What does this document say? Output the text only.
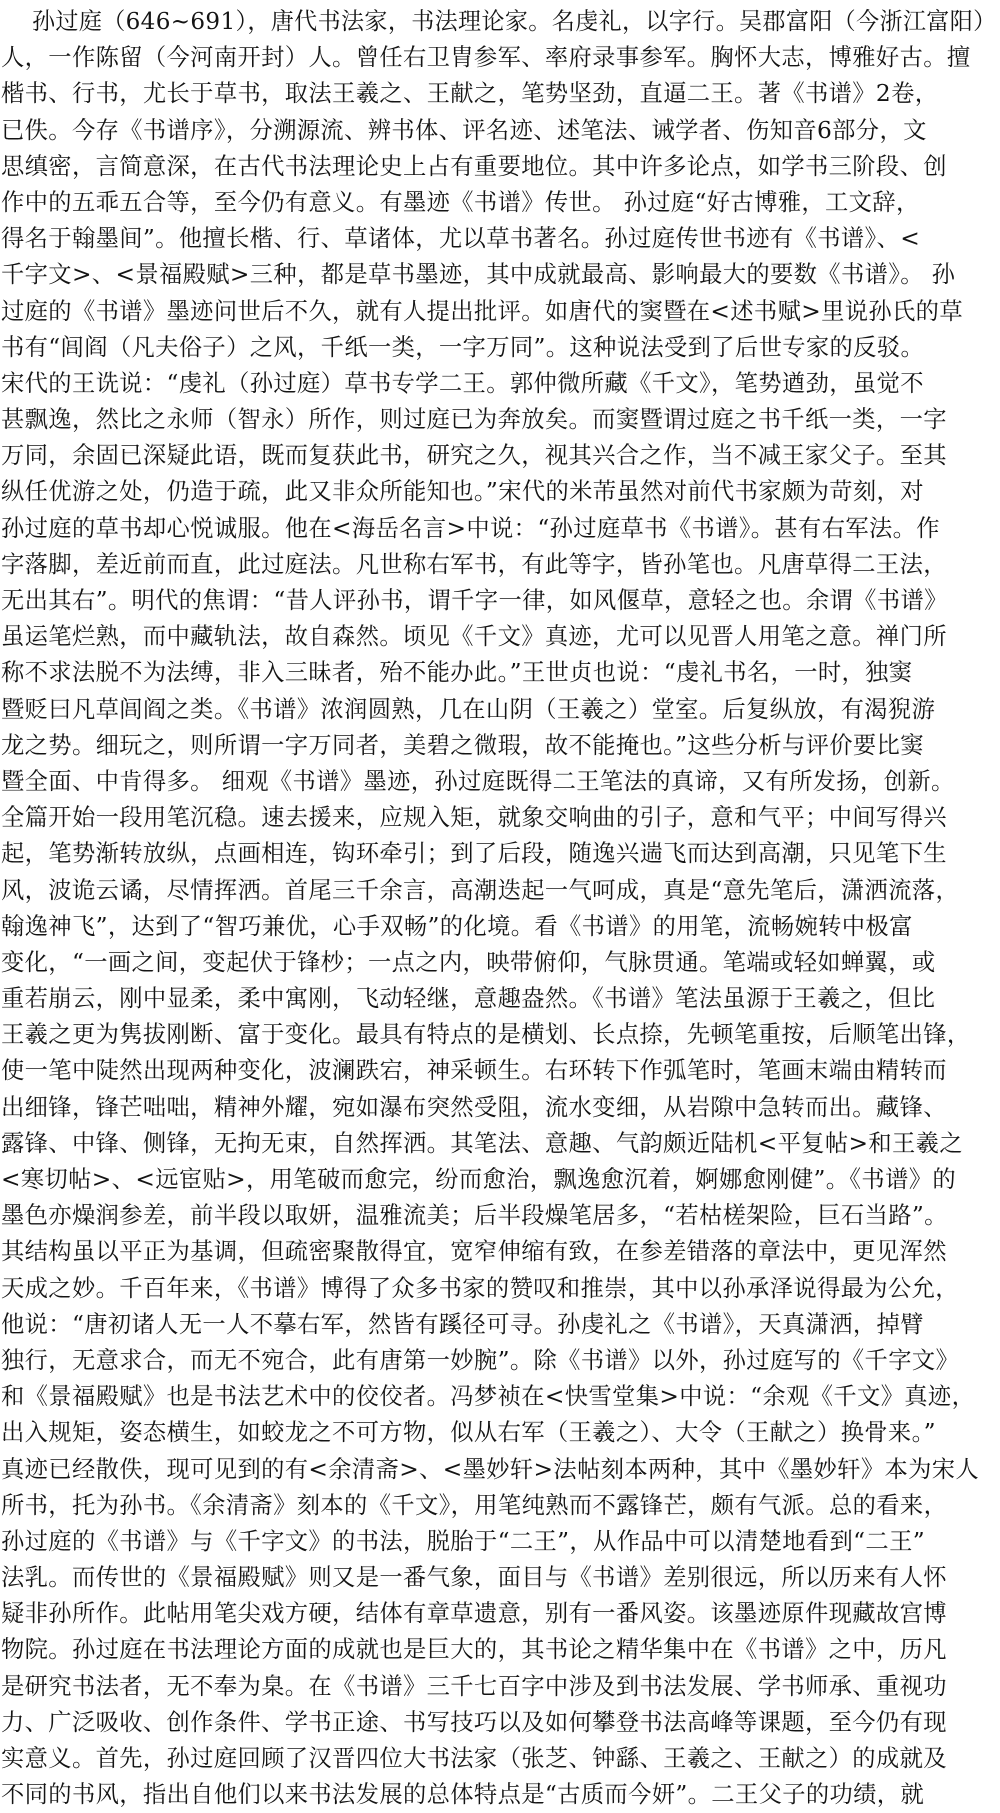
孙过庭（646~691），唐代书法家，书法理论家。名虔礼，以字行。吴郡富阳（今浙江富阳）
人，一作陈留（今河南开封）人。曾任右卫胄参军、率府录事参军。胸怀大志，博雅好古。擅
楷书、行书，尤长于草书，取法王羲之、王献之，笔势坚劲，直逼二王。著《书谱》2卷，
已佚。今存《书谱序》，分溯源流、辨书体、评名迹、述笔法、诫学者、伤知音6部分，文
思缜密，言简意深，在古代书法理论史上占有重要地位。其中许多论点，如学书三阶段、创
作中的五乖五合等，至今仍有意义。有墨迹《书谱》传世。 孙过庭“好古博雅，工文辞，
得名于翰墨间”。他擅长楷、行、草诸体，尤以草书著名。孙过庭传世书迹有《书谱》、<
千字文>、<景福殿赋>三种，都是草书墨迹，其中成就最高、影响最大的要数《书谱》。 孙
过庭的《书谱》墨迹问世后不久，就有人提出批评。如唐代的窦暨在<述书赋>里说孙氏的草
书有“闾阎（凡夫俗子）之风，千纸一类，一字万同”。这种说法受到了后世专家的反驳。
宋代的王诜说：“虔礼（孙过庭）草书专学二王。郭仲微所藏《千文》，笔势遒劲，虽觉不
甚飘逸，然比之永师（智永）所作，则过庭已为奔放矣。而窦暨谓过庭之书千纸一类，一字
万同，余固已深疑此语，既而复获此书，研究之久，视其兴合之作，当不减王家父子。至其
纵任优游之处，仍造于疏，此又非众所能知也。”宋代的米芾虽然对前代书家颇为苛刻，对
孙过庭的草书却心悦诚服。他在<海岳名言>中说：“孙过庭草书《书谱》。甚有右军法。作
字落脚，差近前而直，此过庭法。凡世称右军书，有此等字，皆孙笔也。凡唐草得二王法，
无出其右”。明代的焦谓：“昔人评孙书，谓千字一律，如风偃草，意轻之也。余谓《书谱》
虽运笔烂熟，而中藏轨法，故自森然。顷见《千文》真迹，尤可以见晋人用笔之意。禅门所
称不求法脱不为法缚，非入三昧者，殆不能办此。”王世贞也说：“虔礼书名，一时，独窦
暨贬曰凡草闾阎之类。《书谱》浓润圆熟，几在山阴（王羲之）堂室。后复纵放，有渴猊游
龙之势。细玩之，则所谓一字万同者，美碧之微瑕，故不能掩也。”这些分析与评价要比窦
暨全面、中肯得多。 细观《书谱》墨迹，孙过庭既得二王笔法的真谛，又有所发扬，创新。
全篇开始一段用笔沉稳。速去援来，应规入矩，就象交响曲的引子，意和气平；中间写得兴
起，笔势渐转放纵，点画相连，钩环牵引；到了后段，随逸兴遄飞而达到高潮，只见笔下生
风，波诡云谲，尽情挥洒。首尾三千余言，高潮迭起一气呵成，真是“意先笔后，潇洒流落，
翰逸神飞”，达到了“智巧兼优，心手双畅”的化境。看《书谱》的用笔，流畅婉转中极富
变化，“一画之间，变起伏于锋杪；一点之内，映带俯仰，气脉贯通。笔端或轻如蝉翼，或
重若崩云，刚中显柔，柔中寓刚，飞动轻继，意趣盎然。《书谱》笔法虽源于王羲之，但比
王羲之更为隽拔刚断、富于变化。最具有特点的是横划、长点捺，先顿笔重按，后顺笔出锋，
使一笔中陡然出现两种变化，波澜跌宕，神采顿生。右环转下作弧笔时，笔画末端由精转而
出细锋，锋芒咄咄，精神外耀，宛如瀑布突然受阻，流水变细，从岩隙中急转而出。藏锋、
露锋、中锋、侧锋，无拘无束，自然挥洒。其笔法、意趣、气韵颇近陆机<平复帖>和王羲之
<寒切帖>、<远宦贴>，用笔破而愈完，纷而愈治，飘逸愈沉着，婀娜愈刚健”。《书谱》的
墨色亦燥润参差，前半段以取妍，温雅流美；后半段燥笔居多，“若枯槎架险，巨石当路”。
其结构虽以平正为基调，但疏密聚散得宜，宽窄伸缩有致，在参差错落的章法中，更见浑然
天成之妙。千百年来，《书谱》博得了众多书家的赞叹和推崇，其中以孙承泽说得最为公允，
他说：“唐初诸人无一人不摹右军，然皆有蹊径可寻。孙虔礼之《书谱》，天真潇洒，掉臂
独行，无意求合，而无不宛合，此有唐第一妙腕”。除《书谱》以外，孙过庭写的《千字文》
和《景福殿赋》也是书法艺术中的佼佼者。冯梦祯在<快雪堂集>中说：“余观《千文》真迹，
出入规矩，姿态横生，如蛟龙之不可方物，似从右军（王羲之）、大令（王献之）换骨来。”
真迹已经散佚，现可见到的有<余清斋>、<墨妙轩>法帖刻本两种，其中《墨妙轩》本为宋人
所书，托为孙书。《余清斋》刻本的《千文》，用笔纯熟而不露锋芒，颇有气派。总的看来，
孙过庭的《书谱》与《千字文》的书法，脱胎于“二王”，从作品中可以清楚地看到“二王”
法乳。而传世的《景福殿赋》则又是一番气象，面目与《书谱》差别很远，所以历来有人怀
疑非孙所作。此帖用笔尖戏方硬，结体有章草遗意，别有一番风姿。该墨迹原件现藏故宫博
物院。孙过庭在书法理论方面的成就也是巨大的，其书论之精华集中在《书谱》之中，历凡
是研究书法者，无不奉为臬。在《书谱》三千七百字中涉及到书法发展、学书师承、重视功
力、广泛吸收、创作条件、学书正途、书写技巧以及如何攀登书法高峰等课题，至今仍有现
实意义。首先，孙过庭回顾了汉晋四位大书法家（张芝、钟繇、王羲之、王献之）的成就及
不同的书风，指出自他们以来书法发展的总体特点是“古质而今妍”。二王父子的功绩，就
